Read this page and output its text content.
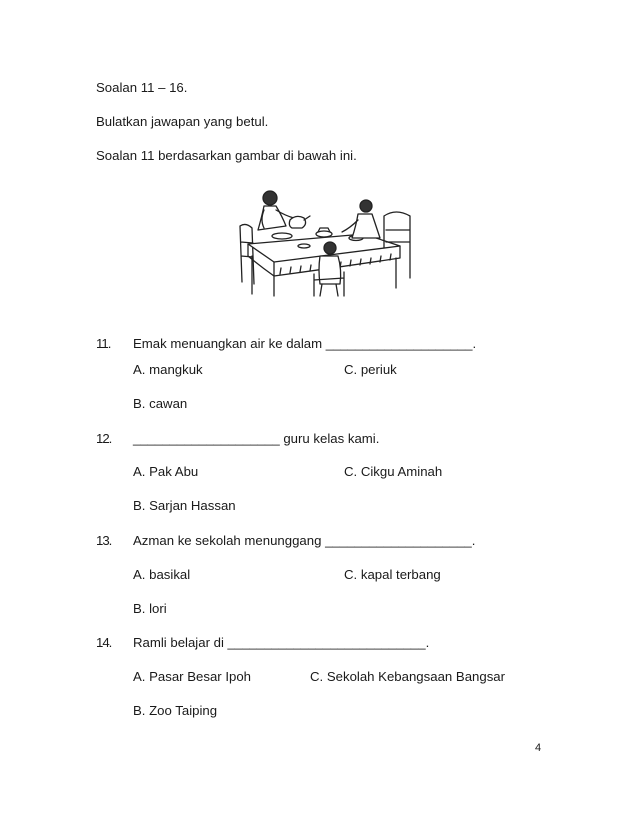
Soalan 11 – 16.
Bulatkan jawapan yang betul.
Soalan 11 berdasarkan gambar di bawah ini.
11. Emak menuangkan air ke dalam ____________________.
A. mangkuk	C. periuk
B. cawan
12. ____________________ guru kelas kami.
A. Pak Abu	C. Cikgu Aminah
B. Sarjan Hassan
13. Azman ke sekolah menunggang ____________________.
A. basikal	C. kapal terbang
B. lori
14. Ramli belajar di ___________________________.
A. Pasar Besar Ipoh	C. Sekolah Kebangsaan Bangsar
B. Zoo Taiping
4
